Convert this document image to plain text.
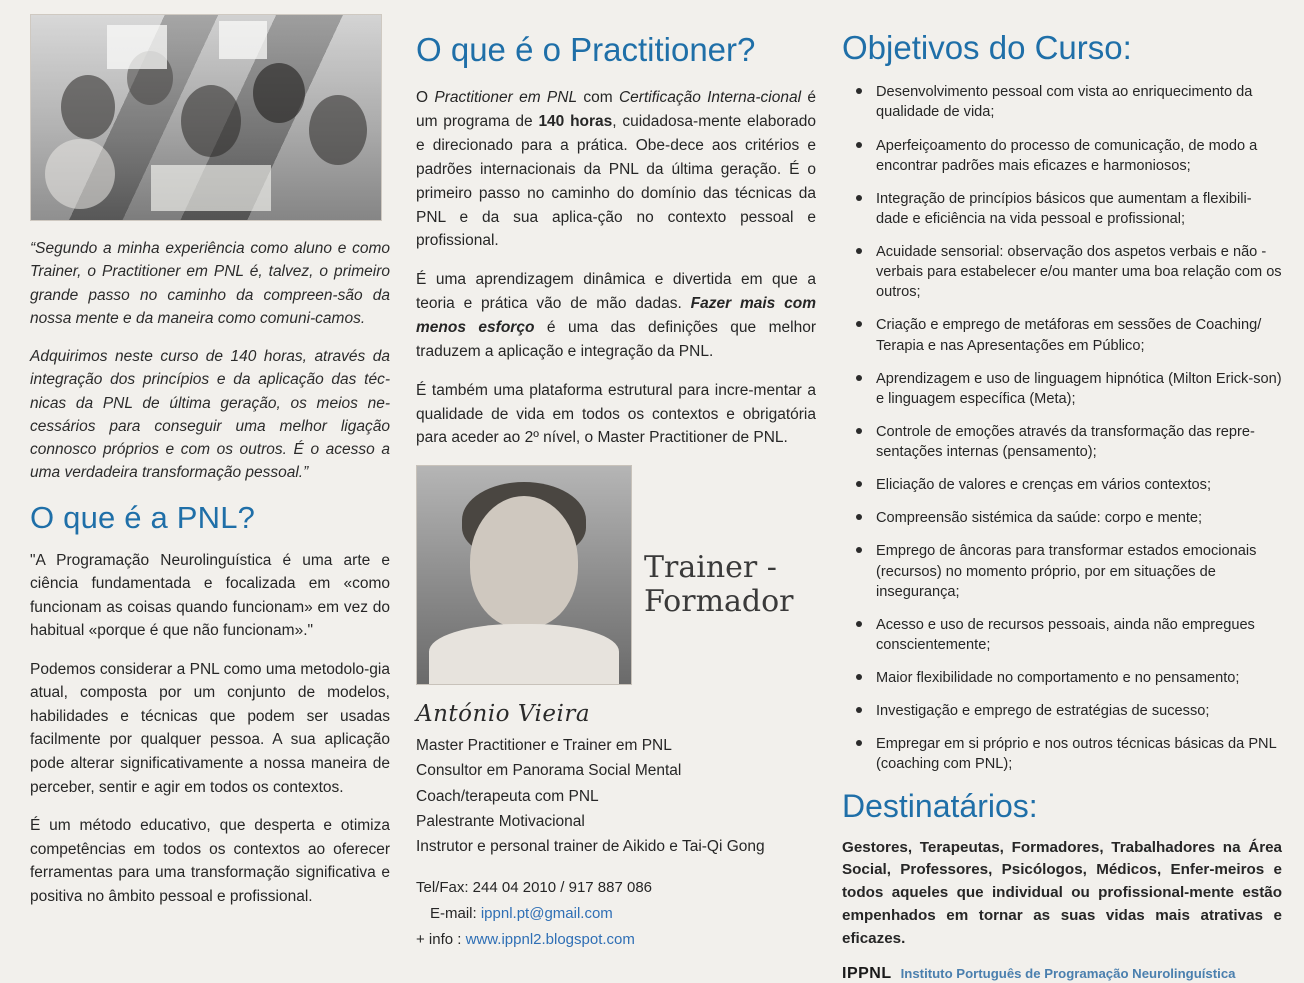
“Segundo a minha experiência como aluno e como Trainer, o Practitioner em PNL é, talvez, o primeiro grande passo no caminho da compreen-são da nossa mente e da maneira como comuni-camos.

Adquirimos neste curso de 140 horas, através da integração dos princípios e da aplicação das téc-nicas da PNL de última geração, os meios ne-cessários para conseguir uma melhor ligação connosco próprios e com os outros. É o acesso a uma verdadeira transformação pessoal.”

O que é a PNL?

"A Programação Neurolinguística é uma arte e ciência fundamentada e focalizada em «como funcionam as coisas quando funcionam» em vez do habitual «porque é que não funcionam»."

Podemos considerar a PNL como uma metodolo-gia atual, composta por um conjunto de modelos, habilidades e técnicas que podem ser usadas facilmente por qualquer pessoa. A sua aplicação pode alterar significativamente a nossa maneira de perceber, sentir e agir em todos os contextos.

É um método educativo, que desperta e otimiza competências em todos os contextos ao oferecer ferramentas para uma transformação significativa e positiva no âmbito pessoal e profissional.

O que é o Practitioner?

O Practitioner em PNL com Certificação Interna-cional é um programa de 140 horas, cuidadosa-mente elaborado e direcionado para a prática. Obe-dece aos critérios e padrões internacionais da PNL da última geração. É o primeiro passo no caminho do domínio das técnicas da PNL e da sua aplica-ção no contexto pessoal e profissional.

É uma aprendizagem dinâmica e divertida em que a teoria e prática vão de mão dadas. Fazer mais com menos esforço é uma das definições que melhor traduzem a aplicação e integração da PNL.

É também uma plataforma estrutural para incre-mentar a qualidade de vida em todos os contextos e obrigatória para aceder ao 2º nível, o Master Practitioner de PNL.

Trainer -
Formador
António Vieira
Master Practitioner e Trainer em PNL
Consultor em Panorama Social Mental
Coach/terapeuta com PNL
Palestrante Motivacional
Instrutor e personal trainer de Aikido e Tai-Qi Gong
Tel/Fax: 244 04 2010 / 917 887 086
E-mail: ippnl.pt@gmail.com
+ info : www.ippnl2.blogspot.com
Objetivos do Curso:
Desenvolvimento pessoal com vista ao enriquecimento da qualidade de vida;
Aperfeiçoamento do processo de comunicação, de modo a encontrar padrões mais eficazes e harmoniosos;
Integração de princípios básicos que aumentam a flexibili-dade e eficiência na vida pessoal e profissional;
Acuidade sensorial: observação dos aspetos verbais e não -verbais para estabelecer e/ou manter uma boa relação com os outros;
Criação e emprego de metáforas em sessões de Coaching/ Terapia e nas Apresentações em Público;
Aprendizagem e uso de linguagem hipnótica (Milton Erick-son) e linguagem específica (Meta);
Controle de emoções através da transformação das repre-sentações internas (pensamento);
Eliciação de valores e crenças em vários contextos;
Compreensão sistémica da saúde: corpo e mente;
Emprego de âncoras para transformar estados emocionais (recursos) no momento próprio, por em situações de insegurança;
Acesso e uso de recursos pessoais, ainda não empregues conscientemente;
Maior flexibilidade no comportamento e no pensamento;
Investigação e emprego de estratégias de sucesso;
Empregar em si próprio e nos outros técnicas básicas da PNL (coaching com PNL);
Destinatários:

Gestores, Terapeutas, Formadores, Trabalhadores na Área Social, Professores, Psicólogos, Médicos, Enfer-meiros e todos aqueles que individual ou profissional-mente estão empenhados em tornar as suas vidas mais atrativas e eficazes.

IPPNL Instituto Português de Programação Neurolinguística
